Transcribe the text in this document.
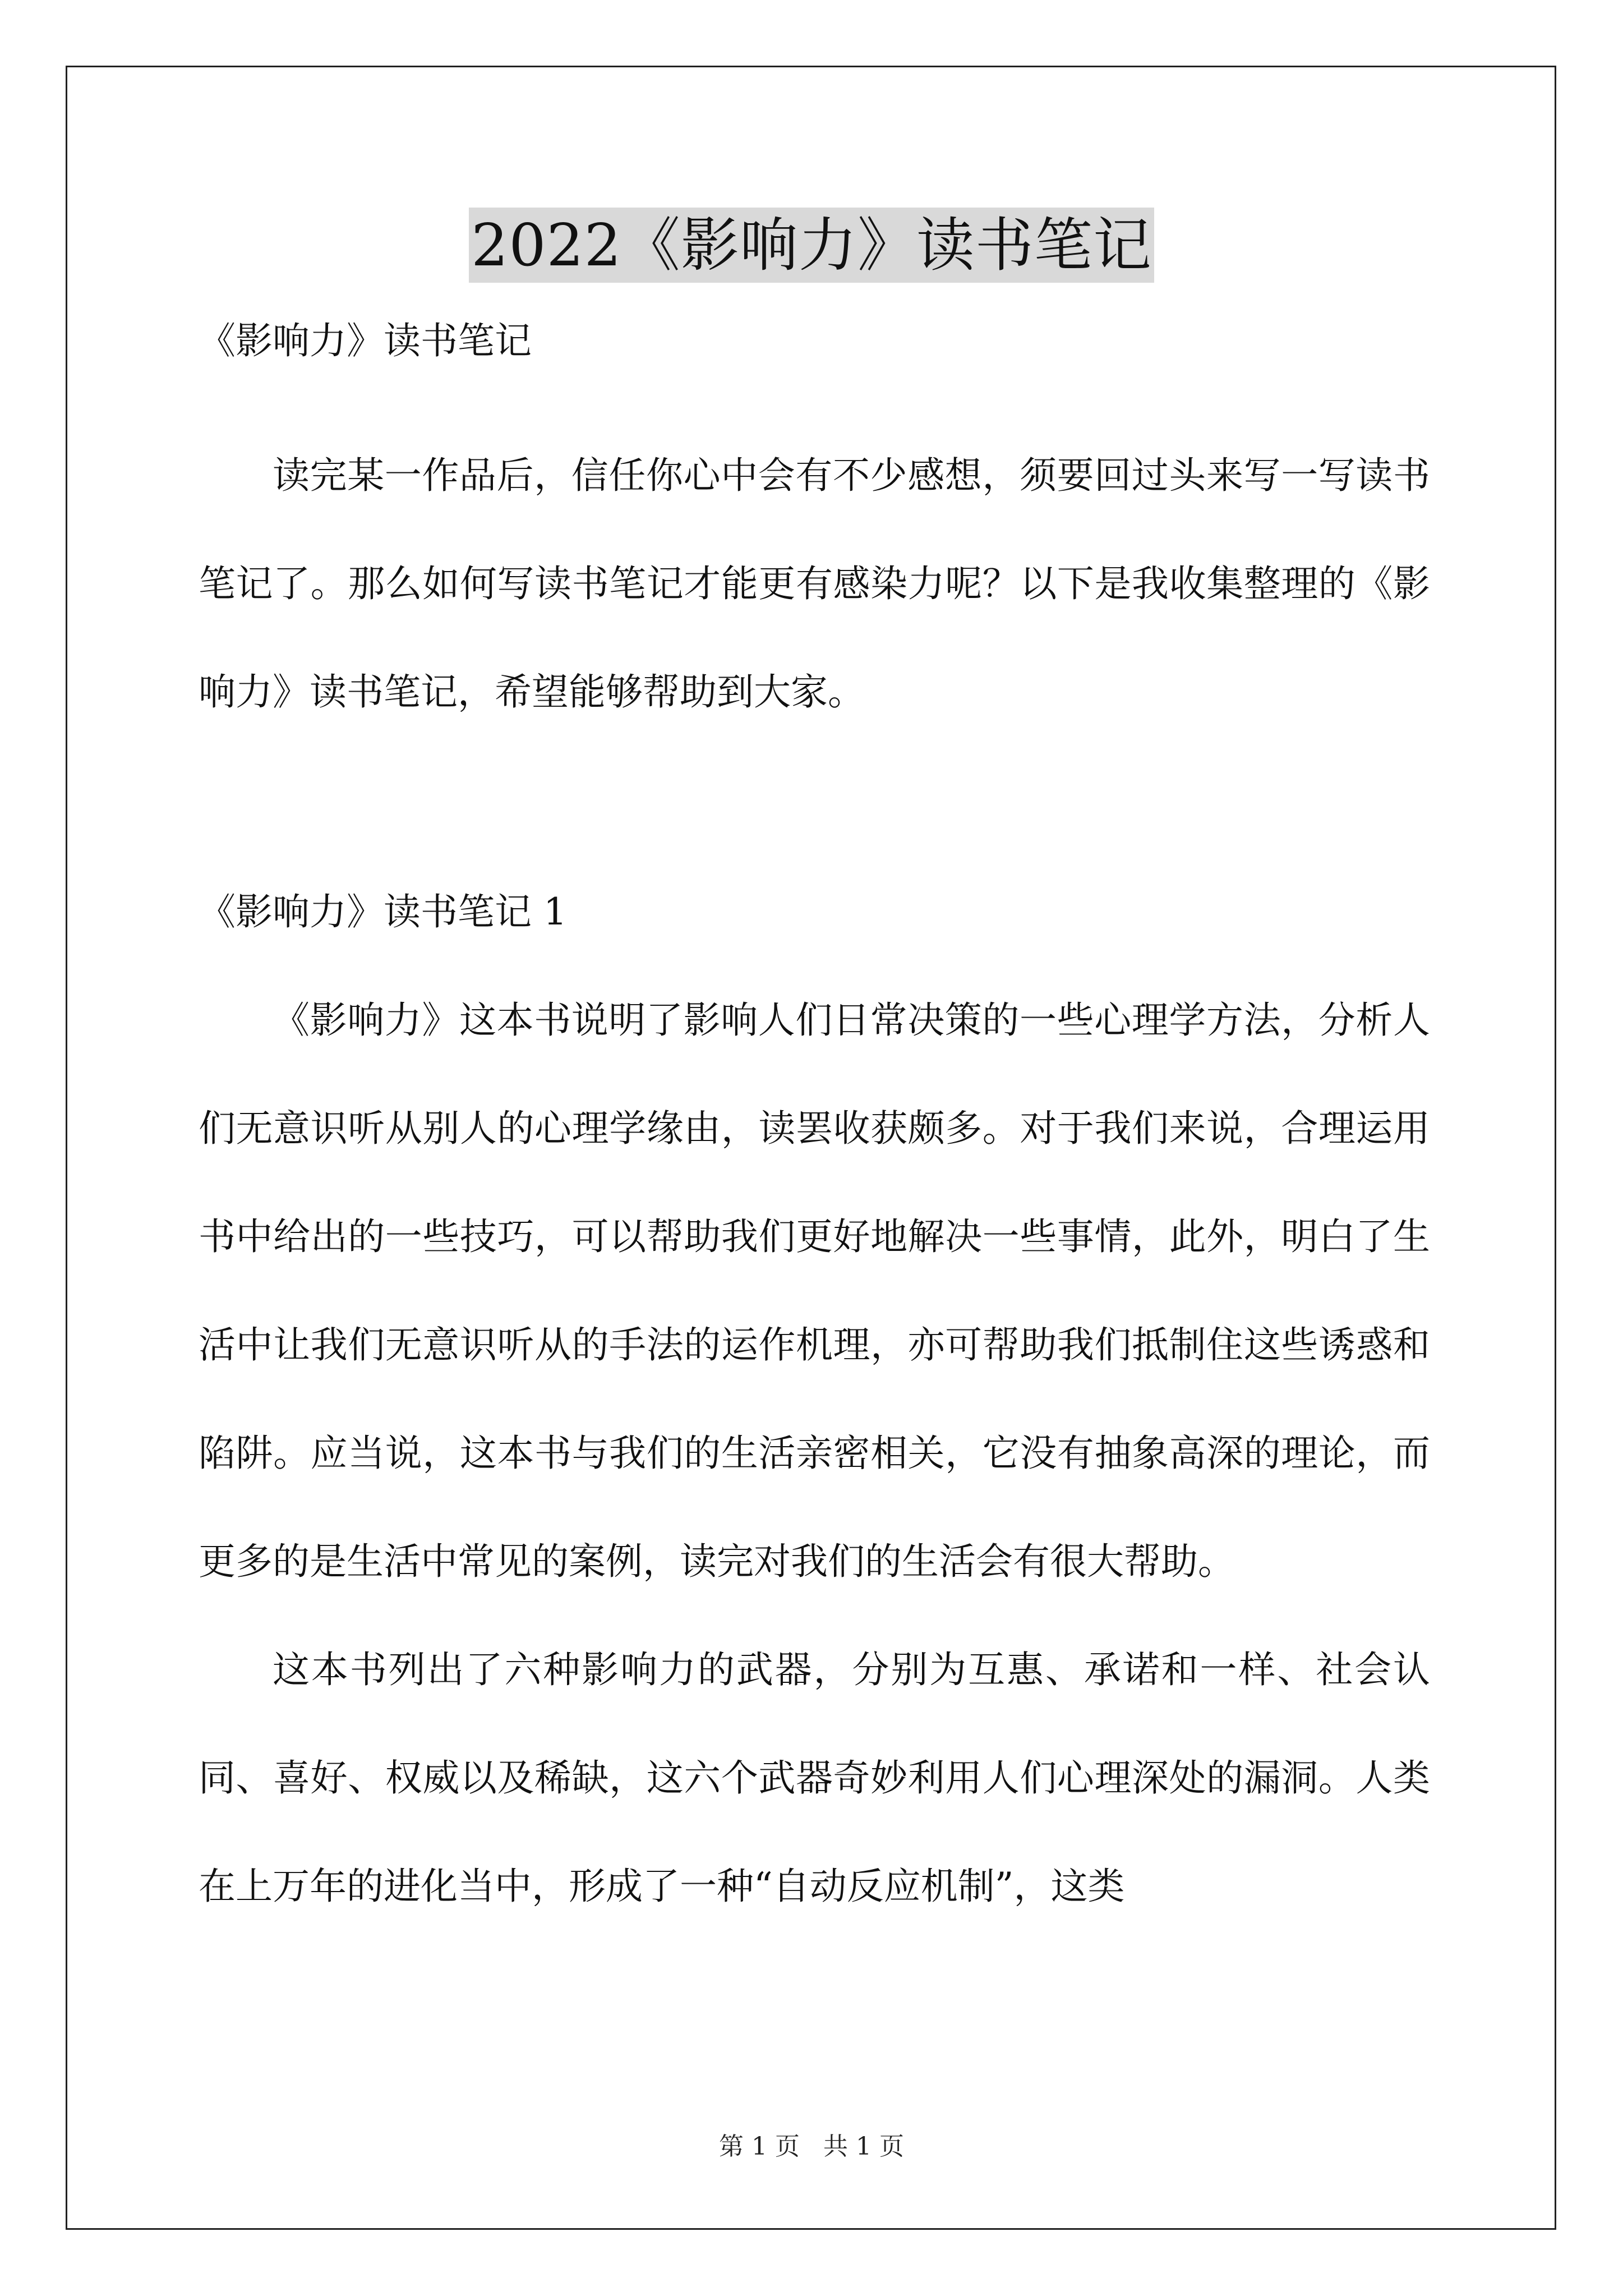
2022《影响力》读书笔记
《影响力》读书笔记

读完某一作品后，信任你心中会有不少感想，须要回过头来写一写读书笔记了。那么如何写读书笔记才能更有感染力呢？以下是我收集整理的《影响力》读书笔记，希望能够帮助到大家。

《影响力》读书笔记 1

《影响力》这本书说明了影响人们日常决策的一些心理学方法，分析人们无意识听从别人的心理学缘由，读罢收获颇多。对于我们来说，合理运用书中给出的一些技巧，可以帮助我们更好地解决一些事情，此外，明白了生活中让我们无意识听从的手法的运作机理，亦可帮助我们抵制住这些诱惑和陷阱。应当说，这本书与我们的生活亲密相关，它没有抽象高深的理论，而更多的是生活中常见的案例，读完对我们的生活会有很大帮助。

这本书列出了六种影响力的武器，分别为互惠、承诺和一样、社会认同、喜好、权威以及稀缺，这六个武器奇妙利用人们心理深处的漏洞。人类在上万年的进化当中，形成了一种“自动反应机制”，这类

第 1 页   共 1 页
